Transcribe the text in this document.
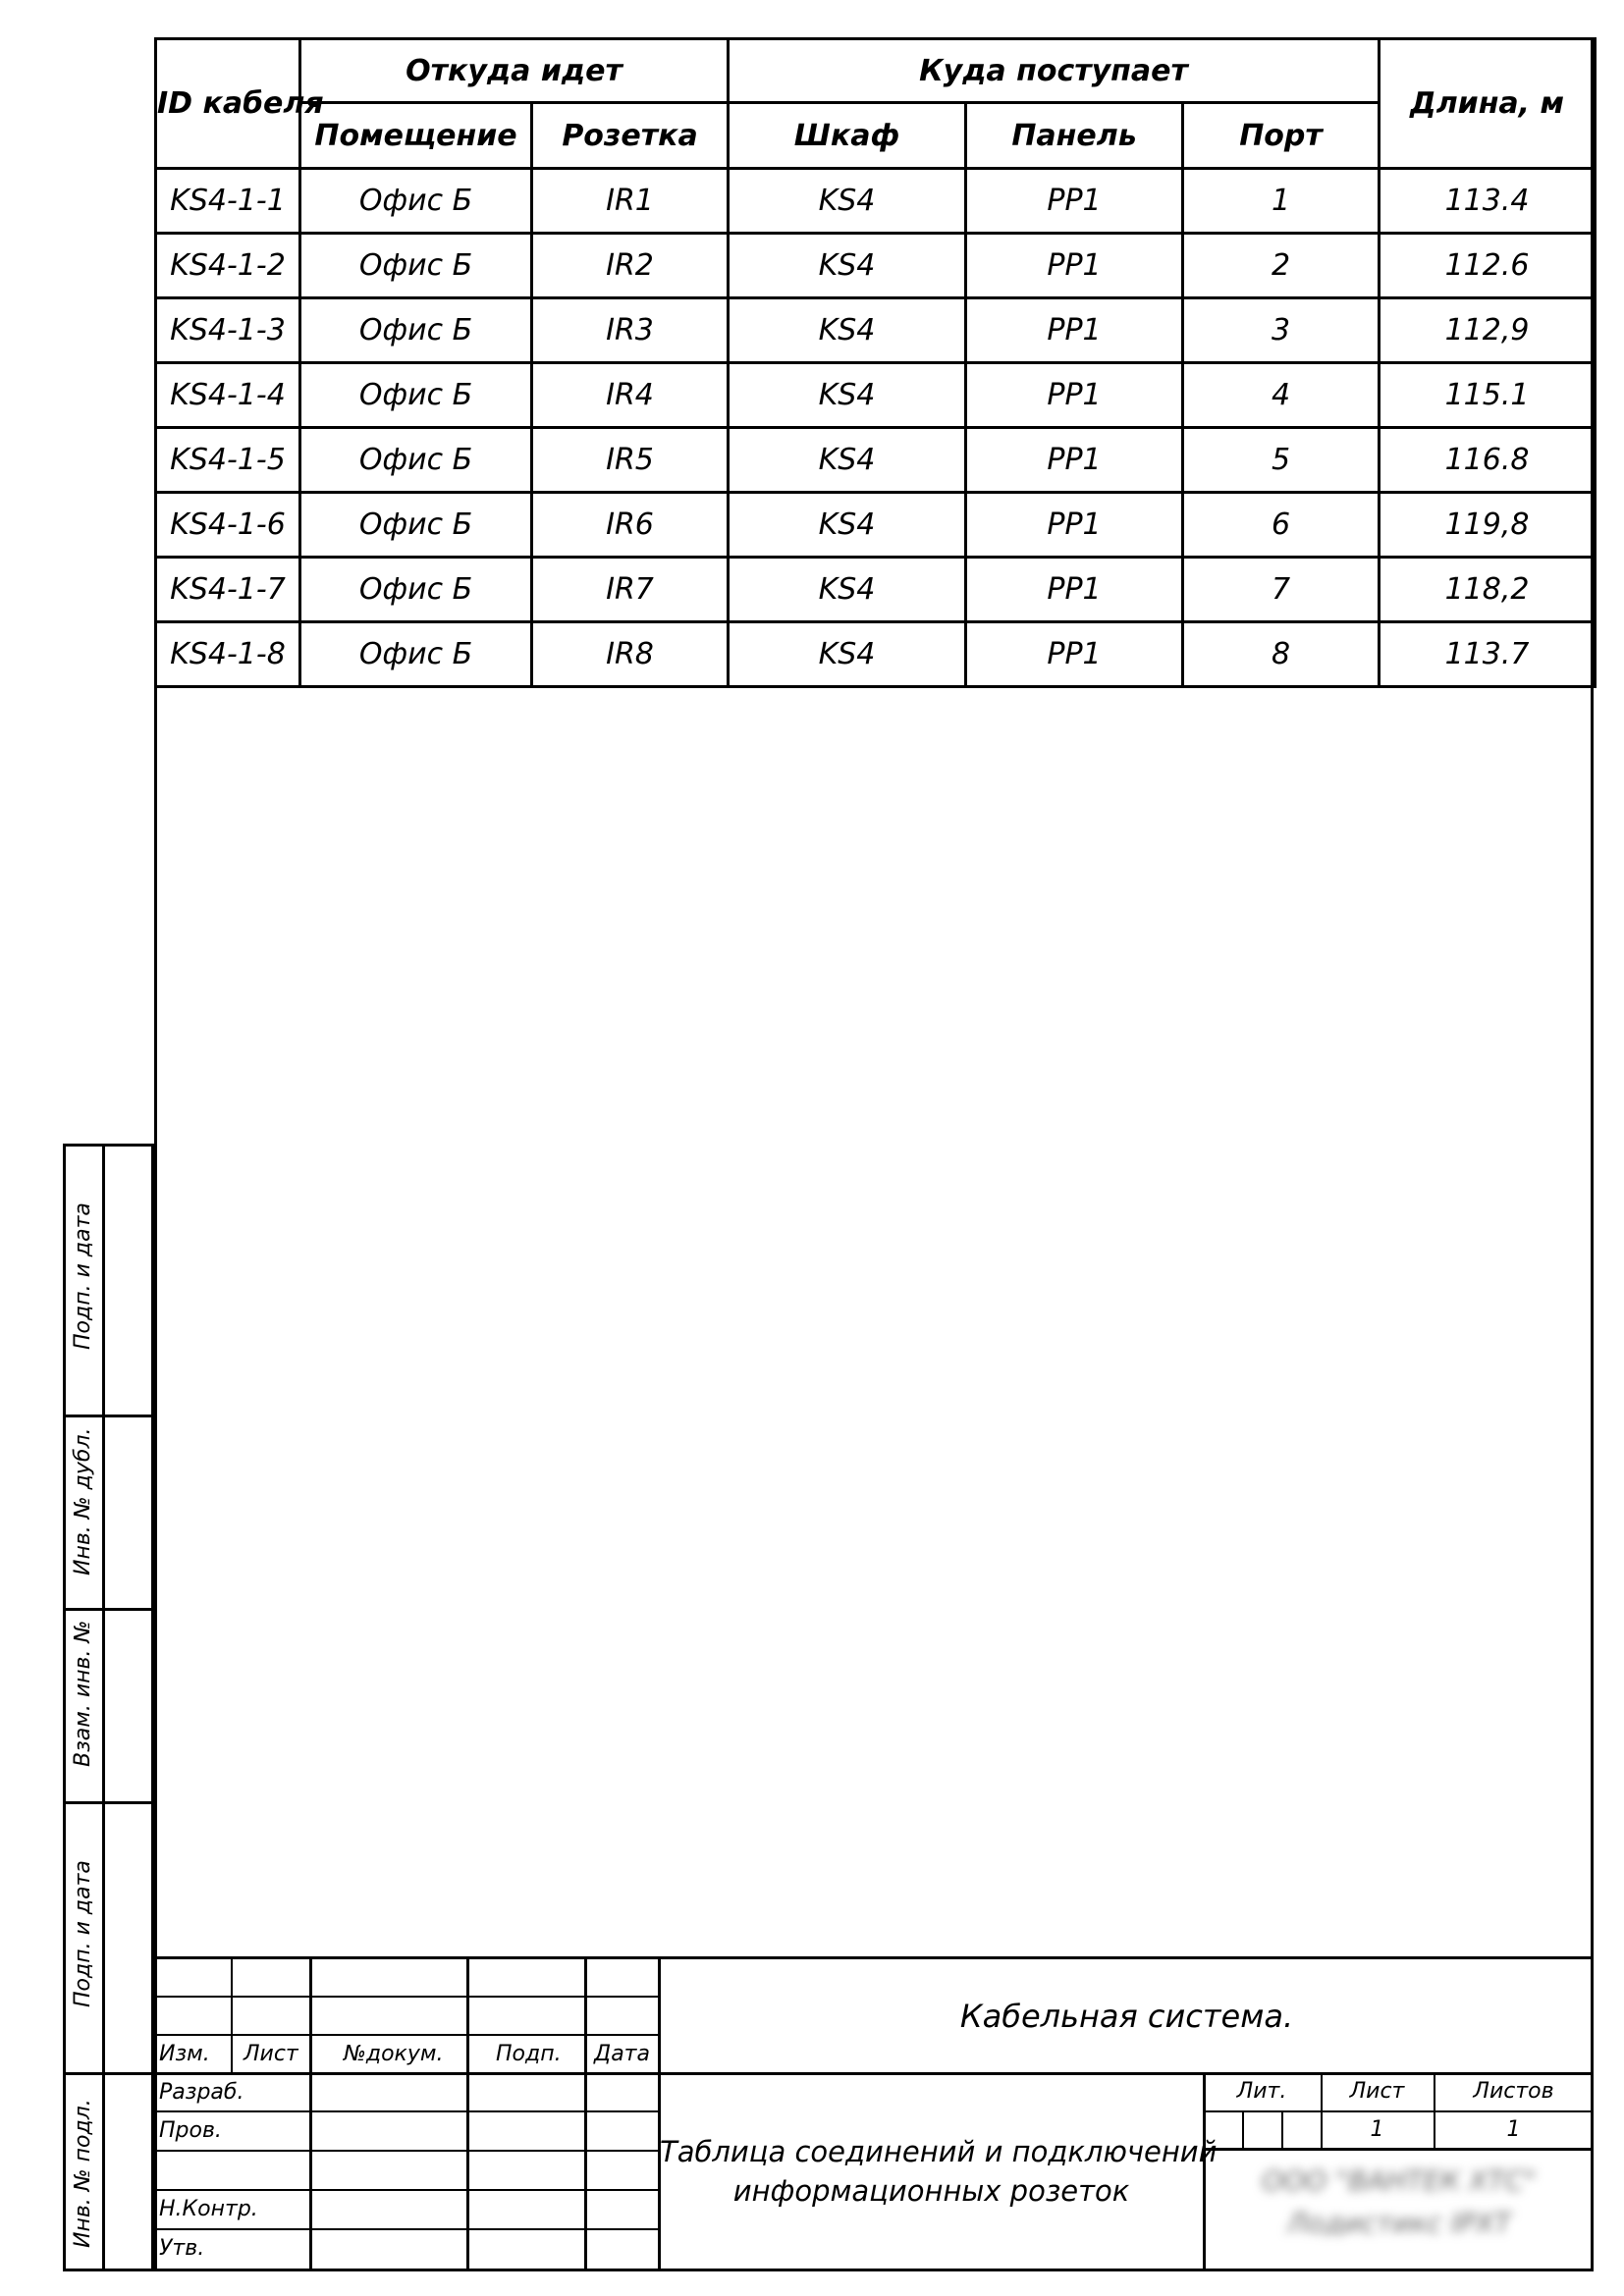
ID кабеля	Откуда идет		Куда поступает			Длина, м
	Помещение	Розетка	Шкаф	Панель	Порт	
KS4-1-1	Офис Б	IR1	KS4	PP1	1	113.4
KS4-1-2	Офис Б	IR2	KS4	PP1	2	112.6
KS4-1-3	Офис Б	IR3	KS4	PP1	3	112,9
KS4-1-4	Офис Б	IR4	KS4	PP1	4	115.1
KS4-1-5	Офис Б	IR5	KS4	PP1	5	116.8
KS4-1-6	Офис Б	IR6	KS4	PP1	6	119,8
KS4-1-7	Офис Б	IR7	KS4	PP1	7	118,2
KS4-1-8	Офис Б	IR8	KS4	PP1	8	113.7
Подп. и дата
Инв. № дубл.
Взам. инв. №
Подп. и дата
Инв. № подл.
Изм. Лист №докум. Подп. Дата
Разраб.
Пров.
Н.Контр.
Утв.
Кабельная система.
Таблица соединений и подключений
информационных розеток
Лит.	Лист	Листов
1	1
ООО "ВАНТЕК ХТС"
Лодистикс IPXT
